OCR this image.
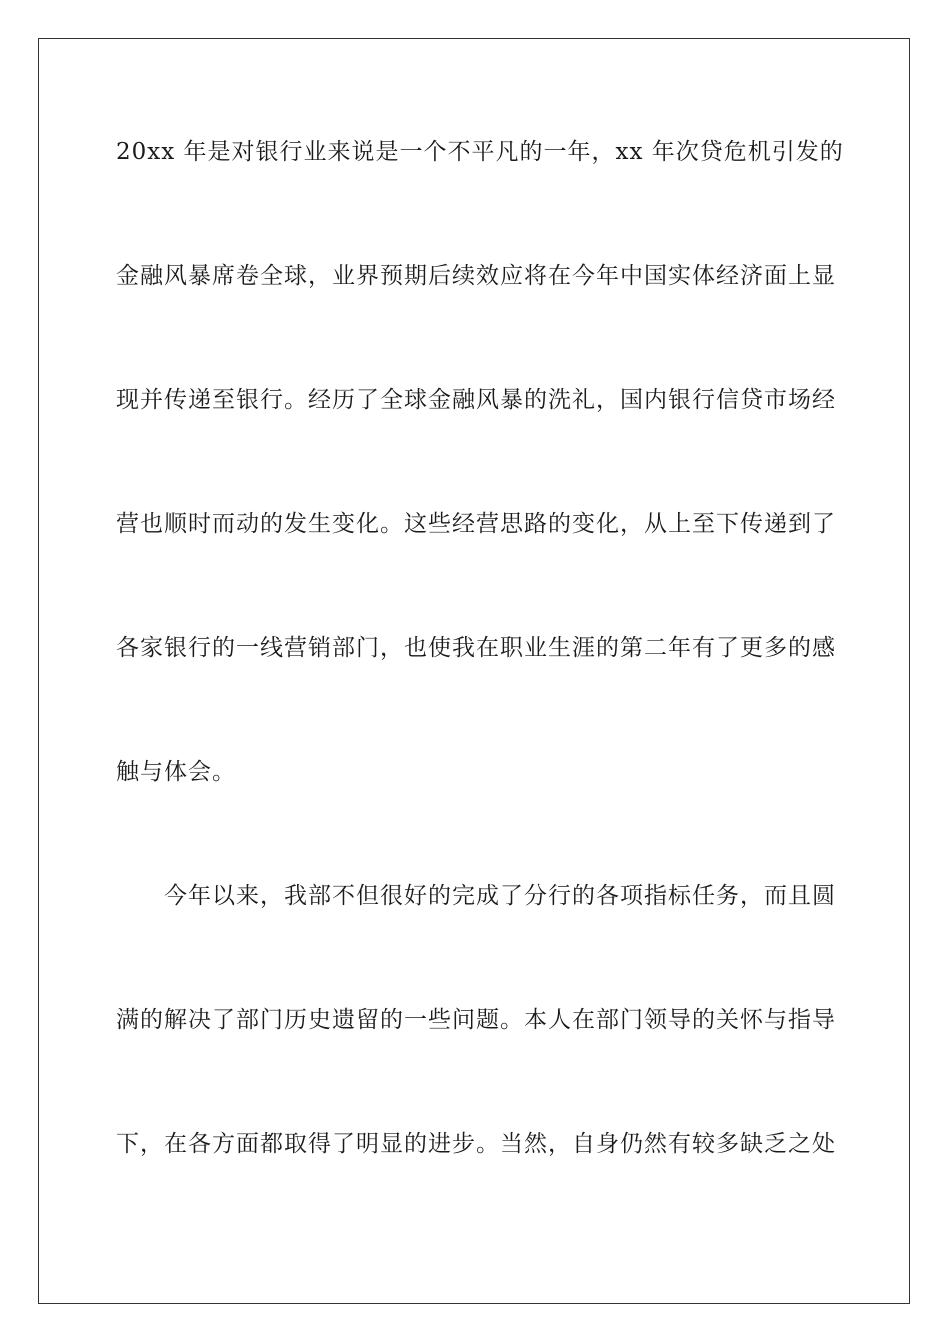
20xx 年是对银行业来说是一个不平凡的一年，xx 年次贷危机引发的
金融风暴席卷全球，业界预期后续效应将在今年中国实体经济面上显
现并传递至银行。经历了全球金融风暴的洗礼，国内银行信贷市场经
营也顺时而动的发生变化。这些经营思路的变化，从上至下传递到了
各家银行的一线营销部门，也使我在职业生涯的第二年有了更多的感
触与体会。
今年以来，我部不但很好的完成了分行的各项指标任务，而且圆
满的解决了部门历史遗留的一些问题。本人在部门领导的关怀与指导
下，在各方面都取得了明显的进步。当然，自身仍然有较多缺乏之处
